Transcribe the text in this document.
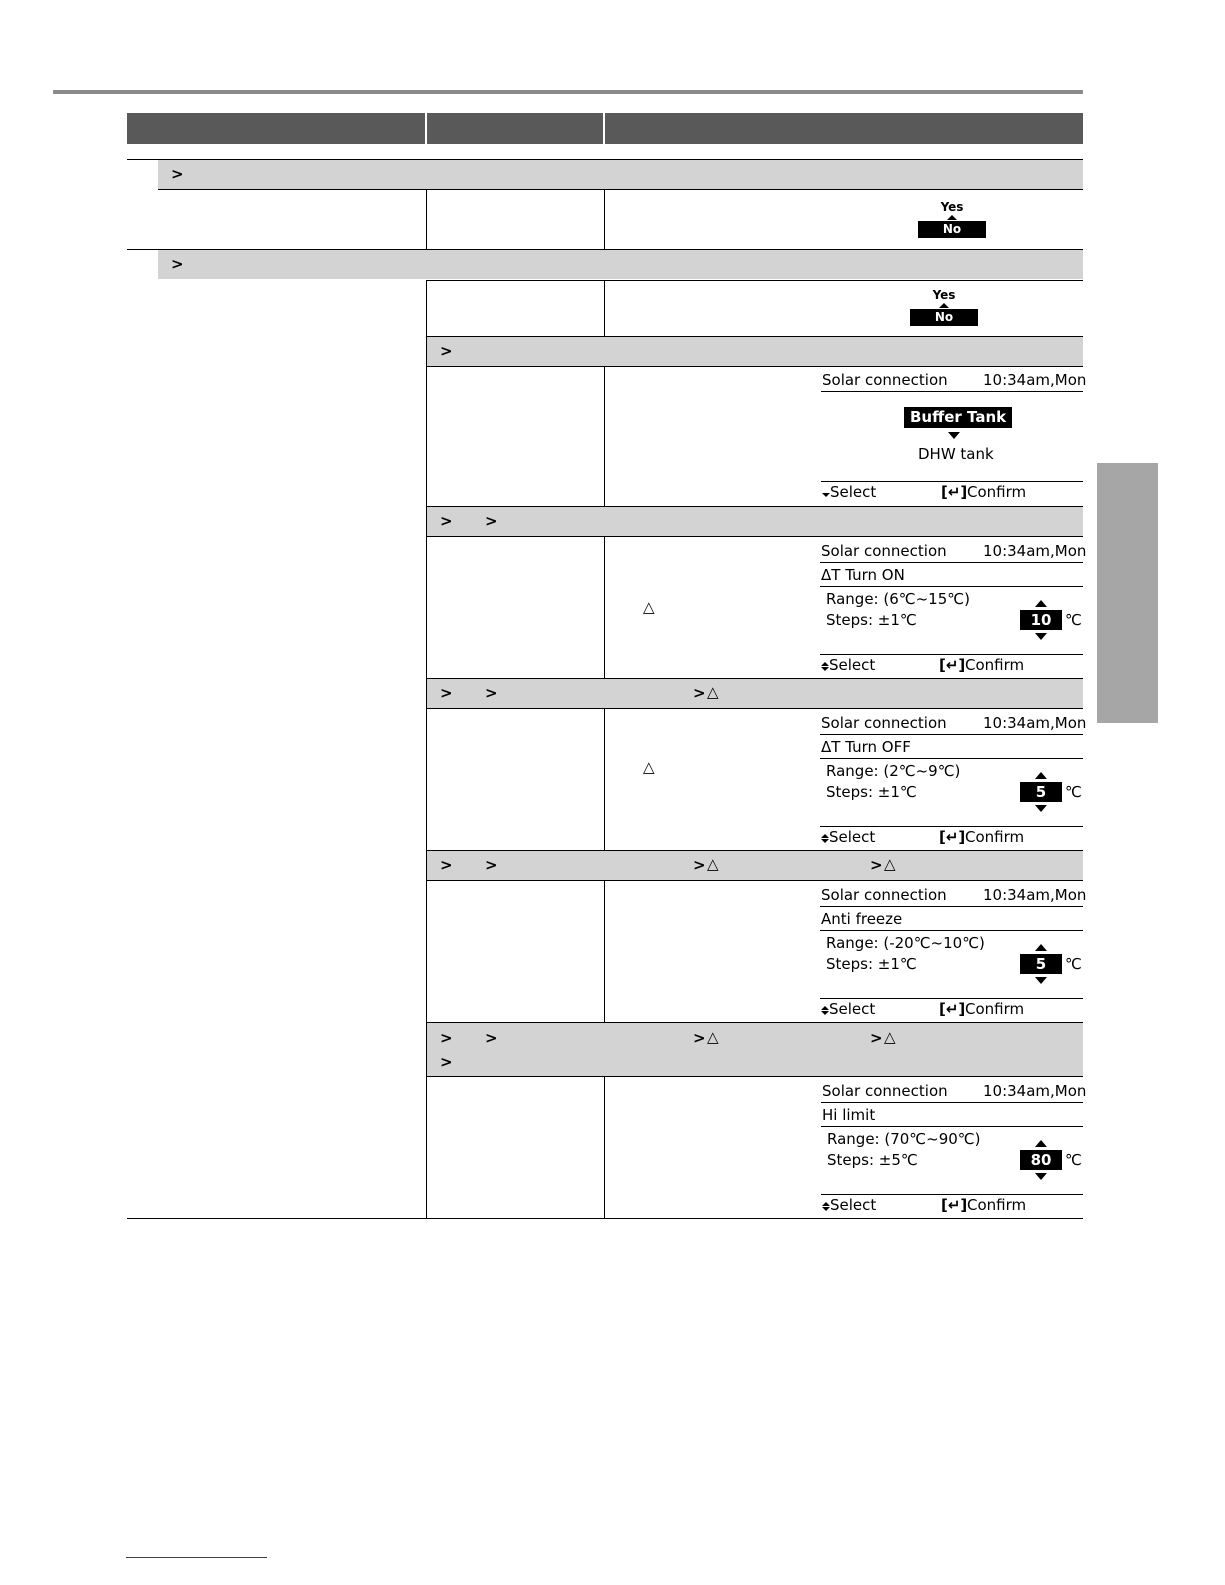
>
Yes
No
>
Yes
No
>
Solar connection 10:34am,Mon
Buffer Tank
DHW tank
Select	[↵] Confirm
> >
△
Solar connection 10:34am,Mon
ΔT Turn ON
Range: (6℃~15℃)
Steps: ±1℃	10 ℃

Select	[↵] Confirm
> >	> △
△
Solar connection 10:34am,Mon
ΔT Turn OFF
Range: (2℃~9℃)
Steps: ±1℃	5	℃

Select	[↵] Confirm
> >	> △	> △
Solar connection 10:34am,Mon
Anti freeze
Range: (-20℃~10℃)
Steps: ±1℃	5	℃

Select	[↵] Confirm
> >	> △	> △
>
Solar connection 10:34am,Mon
Hi limit
Range: (70℃~90℃)
Steps: ±5℃	80 ℃

Select	[↵] Confirm
